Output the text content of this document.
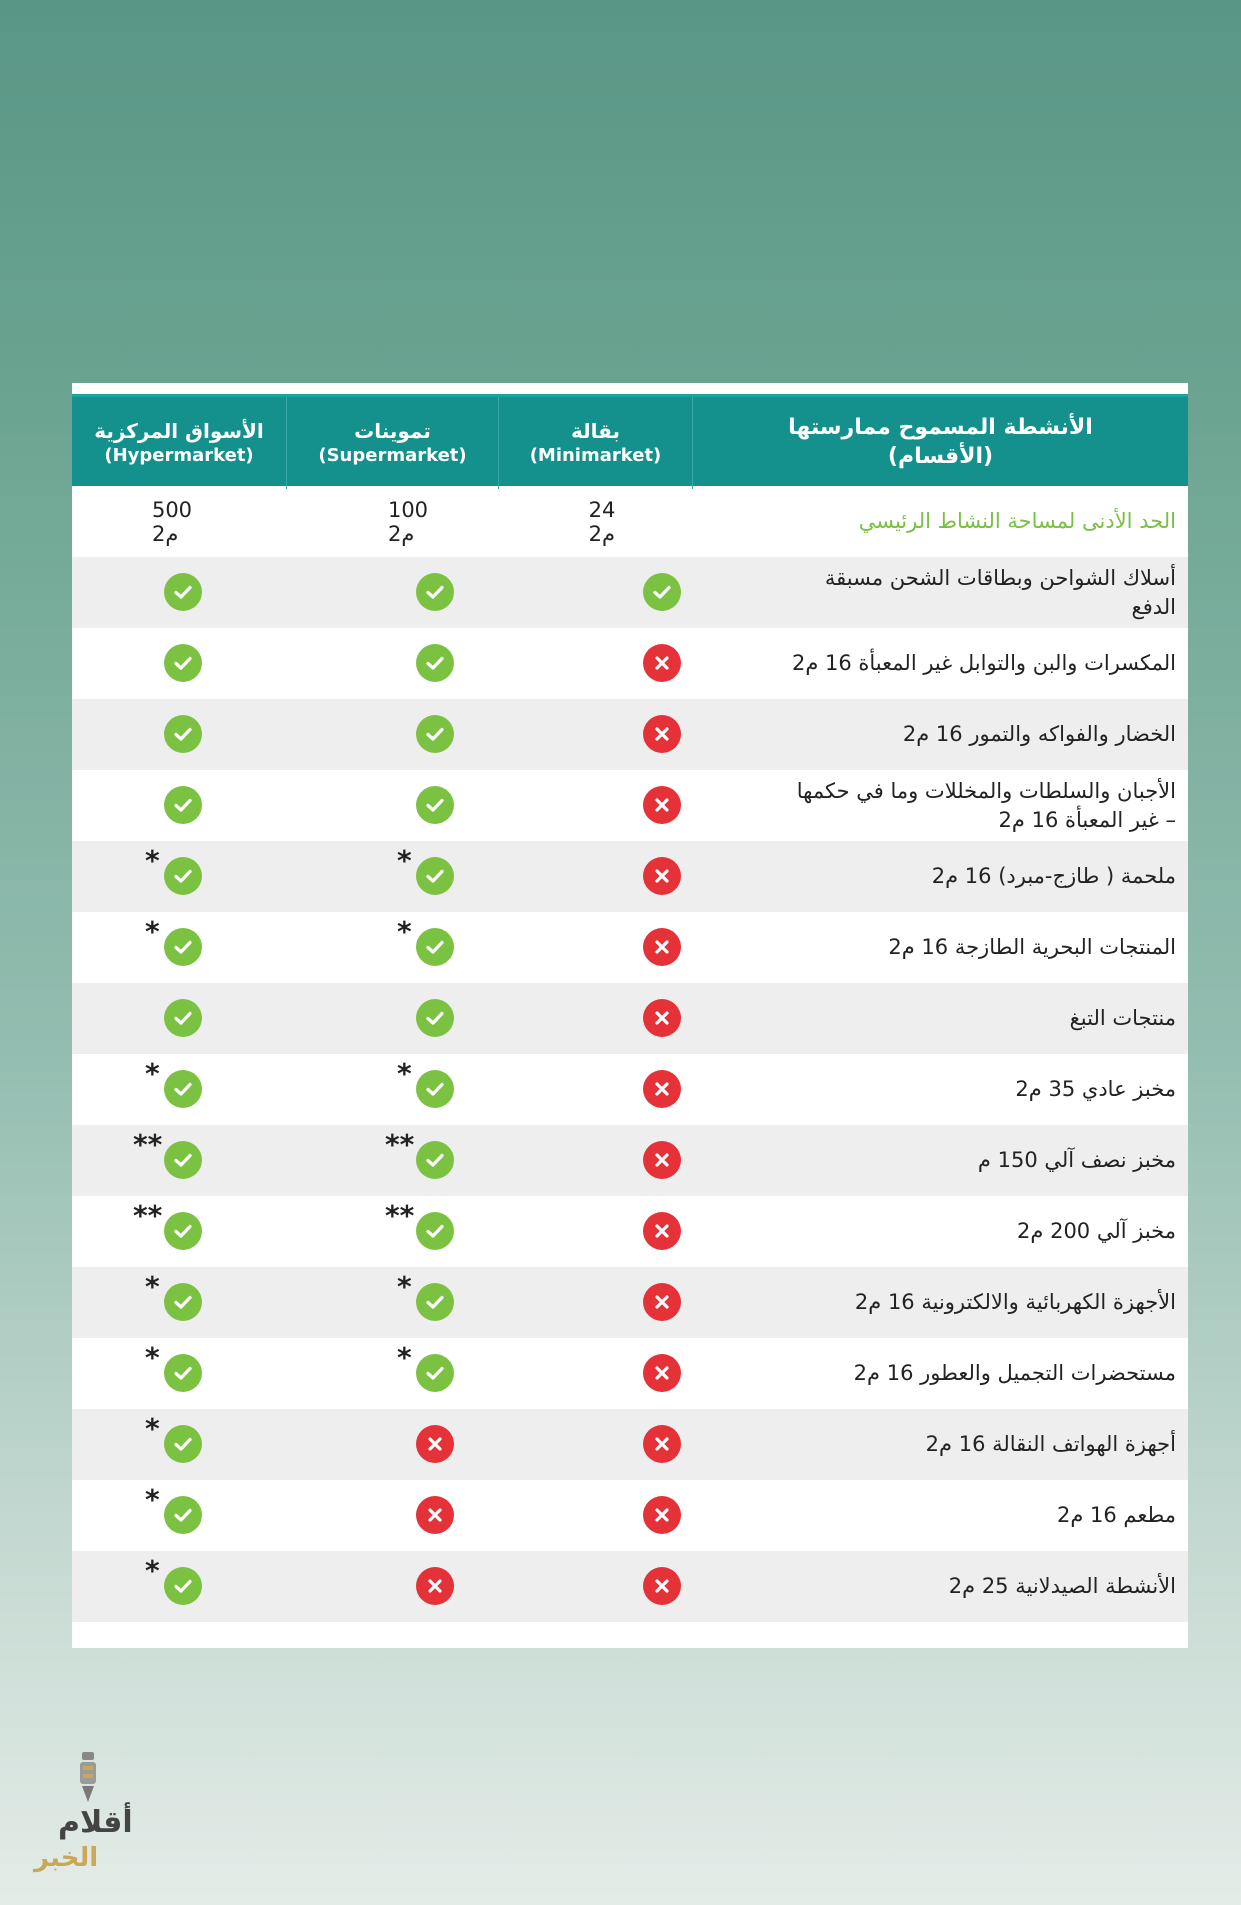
الأسواق المركزية
(Hypermarket)
تموينات
(Supermarket)
بقالة
(Minimarket)
الأنشطة المسموح ممارستها
(الأقسام)
الحد الأدنى لمساحة النشاط الرئيسي
24 م2
100 م2
500 م2
أسلاك الشواحن وبطاقات الشحن مسبقة
الدفع
المكسرات والبن والتوابل غير المعبأة 16 م2
الخضار والفواكه والتمور 16 م2
الأجبان والسلطات والمخللات وما في حكمها
– غير المعبأة 16 م2
ملحمة ( طازج-مبرد) 16 م2
*
*
المنتجات البحرية الطازجة 16 م2
*
*
منتجات التبغ
مخبز عادي 35 م2
*
*
مخبز نصف آلي 150 م
**
**
مخبز آلي 200 م2
**
**
الأجهزة الكهربائية والالكترونية 16 م2
*
*
مستحضرات التجميل والعطور 16 م2
*
*
أجهزة الهواتف النقالة 16 م2
*
مطعم 16 م2
*
الأنشطة الصيدلانية 25 م2
*
أقلام
الخبر
